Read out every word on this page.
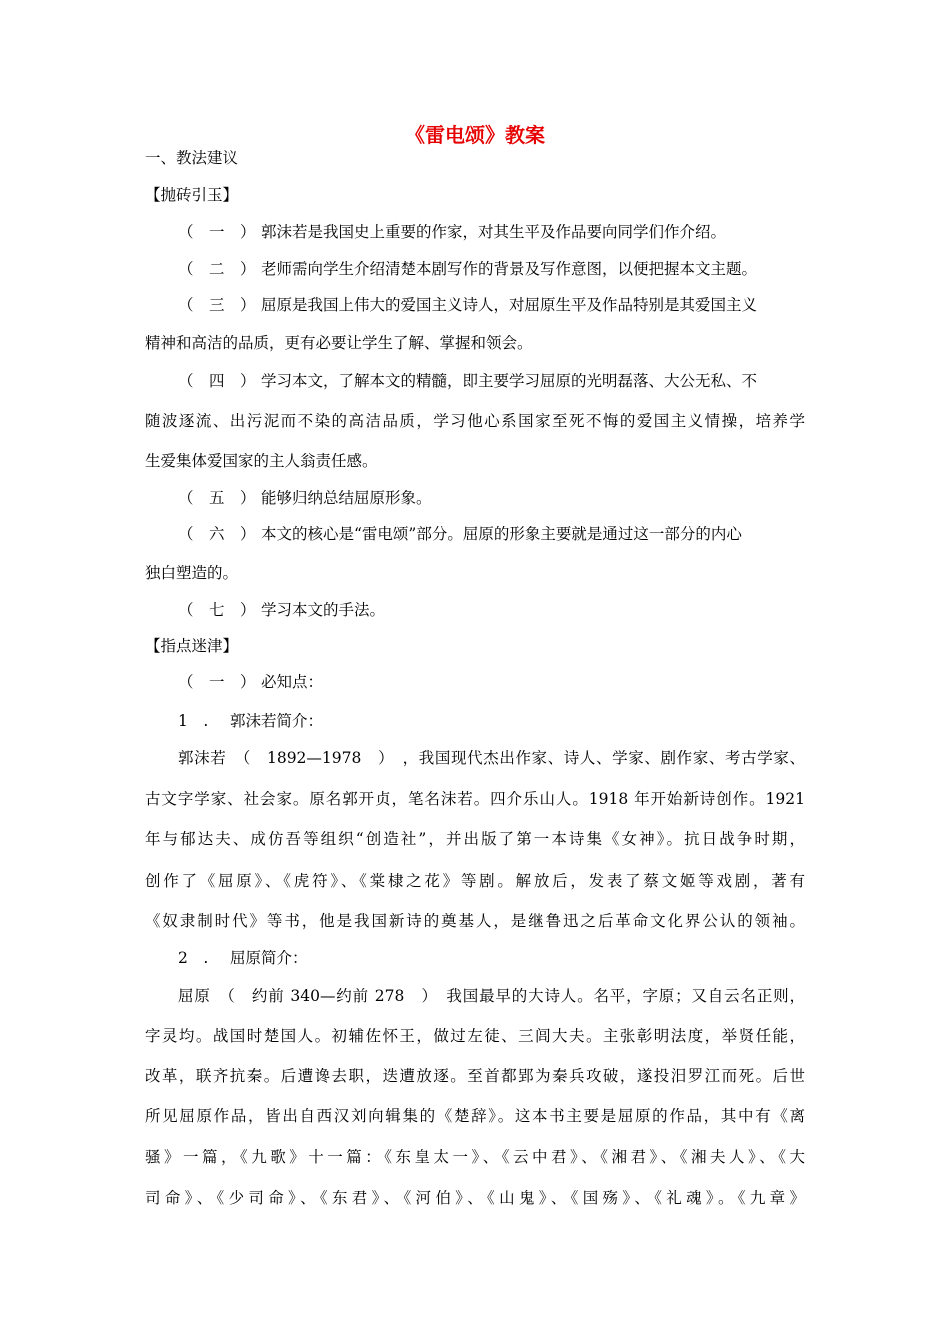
《雷电颂》教案
一、教法建议
【抛砖引玉】
（　一　） 郭沫若是我国史上重要的作家，对其生平及作品要向同学们作介绍。
（　二　） 老师需向学生介绍清楚本剧写作的背景及写作意图，以便把握本文主题。
（　三　） 屈原是我国上伟大的爱国主义诗人，对屈原生平及作品特别是其爱国主义
精神和高洁的品质，更有必要让学生了解、掌握和领会。
（　四　） 学习本文，了解本文的精髓，即主要学习屈原的光明磊落、大公无私、不
随波逐流、出污泥而不染的高洁品质，学习他心系国家至死不悔的爱国主义情操，培养学
生爱集体爱国家的主人翁责任感。
（　五　） 能够归纳总结屈原形象。
（　六　） 本文的核心是“雷电颂”部分。屈原的形象主要就是通过这一部分的内心
独白塑造的。
（　七　） 学习本文的手法。
【指点迷津】
（　一　） 必知点：
1　. 郭沫若简介：
郭沫若　（　1892—1978　）　，我国现代杰出作家、诗人、学家、剧作家、考古学家、
古文字学家、社会家。原名郭开贞，笔名沫若。四介乐山人。1918 年开始新诗创作。1921
年与郁达夫、成仿吾等组织“创造社”，并出版了第一本诗集《女神》。抗日战争时期，
创作了《屈原》、《虎符》、《棠棣之花》等剧。解放后，发表了蔡文姬等戏剧，著有
《奴隶制时代》等书，他是我国新诗的奠基人，是继鲁迅之后革命文化界公认的领袖。
2　. 屈原简介：
屈原　（　约前 340—约前 278　）　我国最早的大诗人。名平，字原；又自云名正则，
字灵均。战国时楚国人。初辅佐怀王，做过左徒、三闾大夫。主张彰明法度，举贤任能，
改革，联齐抗秦。后遭谗去职，迭遭放逐。至首都郢为秦兵攻破，遂投汨罗江而死。后世
所见屈原作品，皆出自西汉刘向辑集的《楚辞》。这本书主要是屈原的作品，其中有《离
骚》一篇，《九歌》十一篇：《东皇太一》、《云中君》、《湘君》、《湘夫人》、《大
司命》、《少司命》、《东君》、《河伯》、《山鬼》、《国殇》、《礼魂》。《九章》
